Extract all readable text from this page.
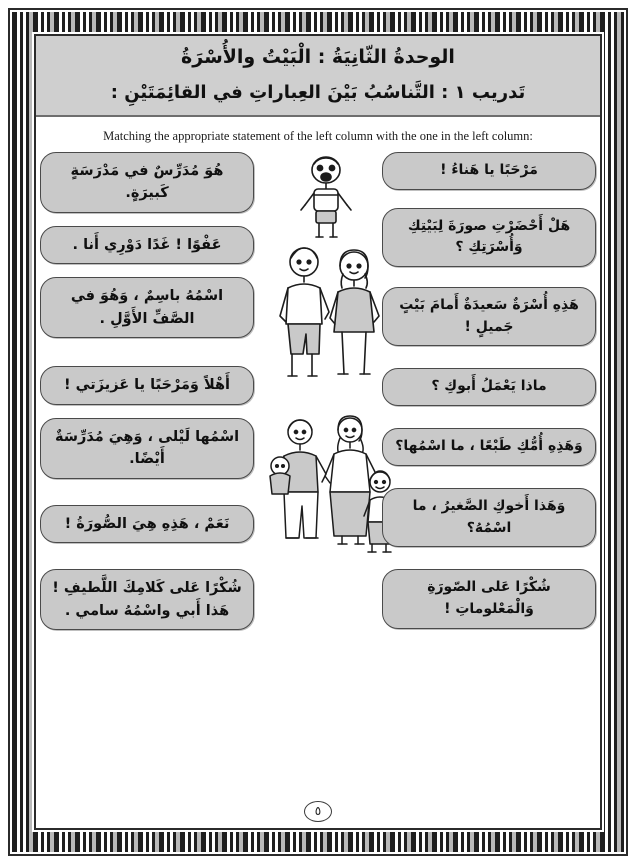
الوحدةُ الثّانِيَةُ : الْبَيْتُ والأُسْرَةُ
تَدريب ١ : التَّناسُبُ بَيْنَ العِباراتِ في القائِمَتَيْنِ :
Matching the appropriate statement of the left column with the one in the left column:
هُوَ مُدَرِّسٌ في مَدْرَسَةٍ كَبيرَةٍ.
عَفْوًا ! غَدًا دَوْرِي أَنا .
اسْمُهُ باسِمٌ ، وَهُوَ في الصَّفِّ الأَوَّلِ .
أَهْلاً وَمَرْحَبًا يا عَزيزَتي !
اسْمُها لَيْلى ، وَهِيَ مُدَرِّسَةٌ أَيْضًا.
نَعَمْ ، هَذِهِ هِيَ الصُّورَةُ !
شُكْرًا عَلى كَلامِكَ اللَّطيفِ ! هَذا أَبي واسْمُهُ سامي .
مَرْحَبًا يا هَناءُ !
هَلْ أَحْضَرْتِ صورَةَ لِبَيْتِكِ وَأُسْرَتِكِ ؟
هَذِهِ أُسْرَةٌ سَعيدَةٌ أَمامَ بَيْتٍ جَميلٍ !
ماذا يَعْمَلُ أَبوكِ ؟
وَهَذِهِ أُمُّكِ طَبْعًا ، ما اسْمُها؟
وَهَذا أَخوكِ الصَّغيرُ ، ما اسْمُهُ؟
شُكْرًا عَلى الصّورَةِ وَالْمَعْلوماتِ !
٥
